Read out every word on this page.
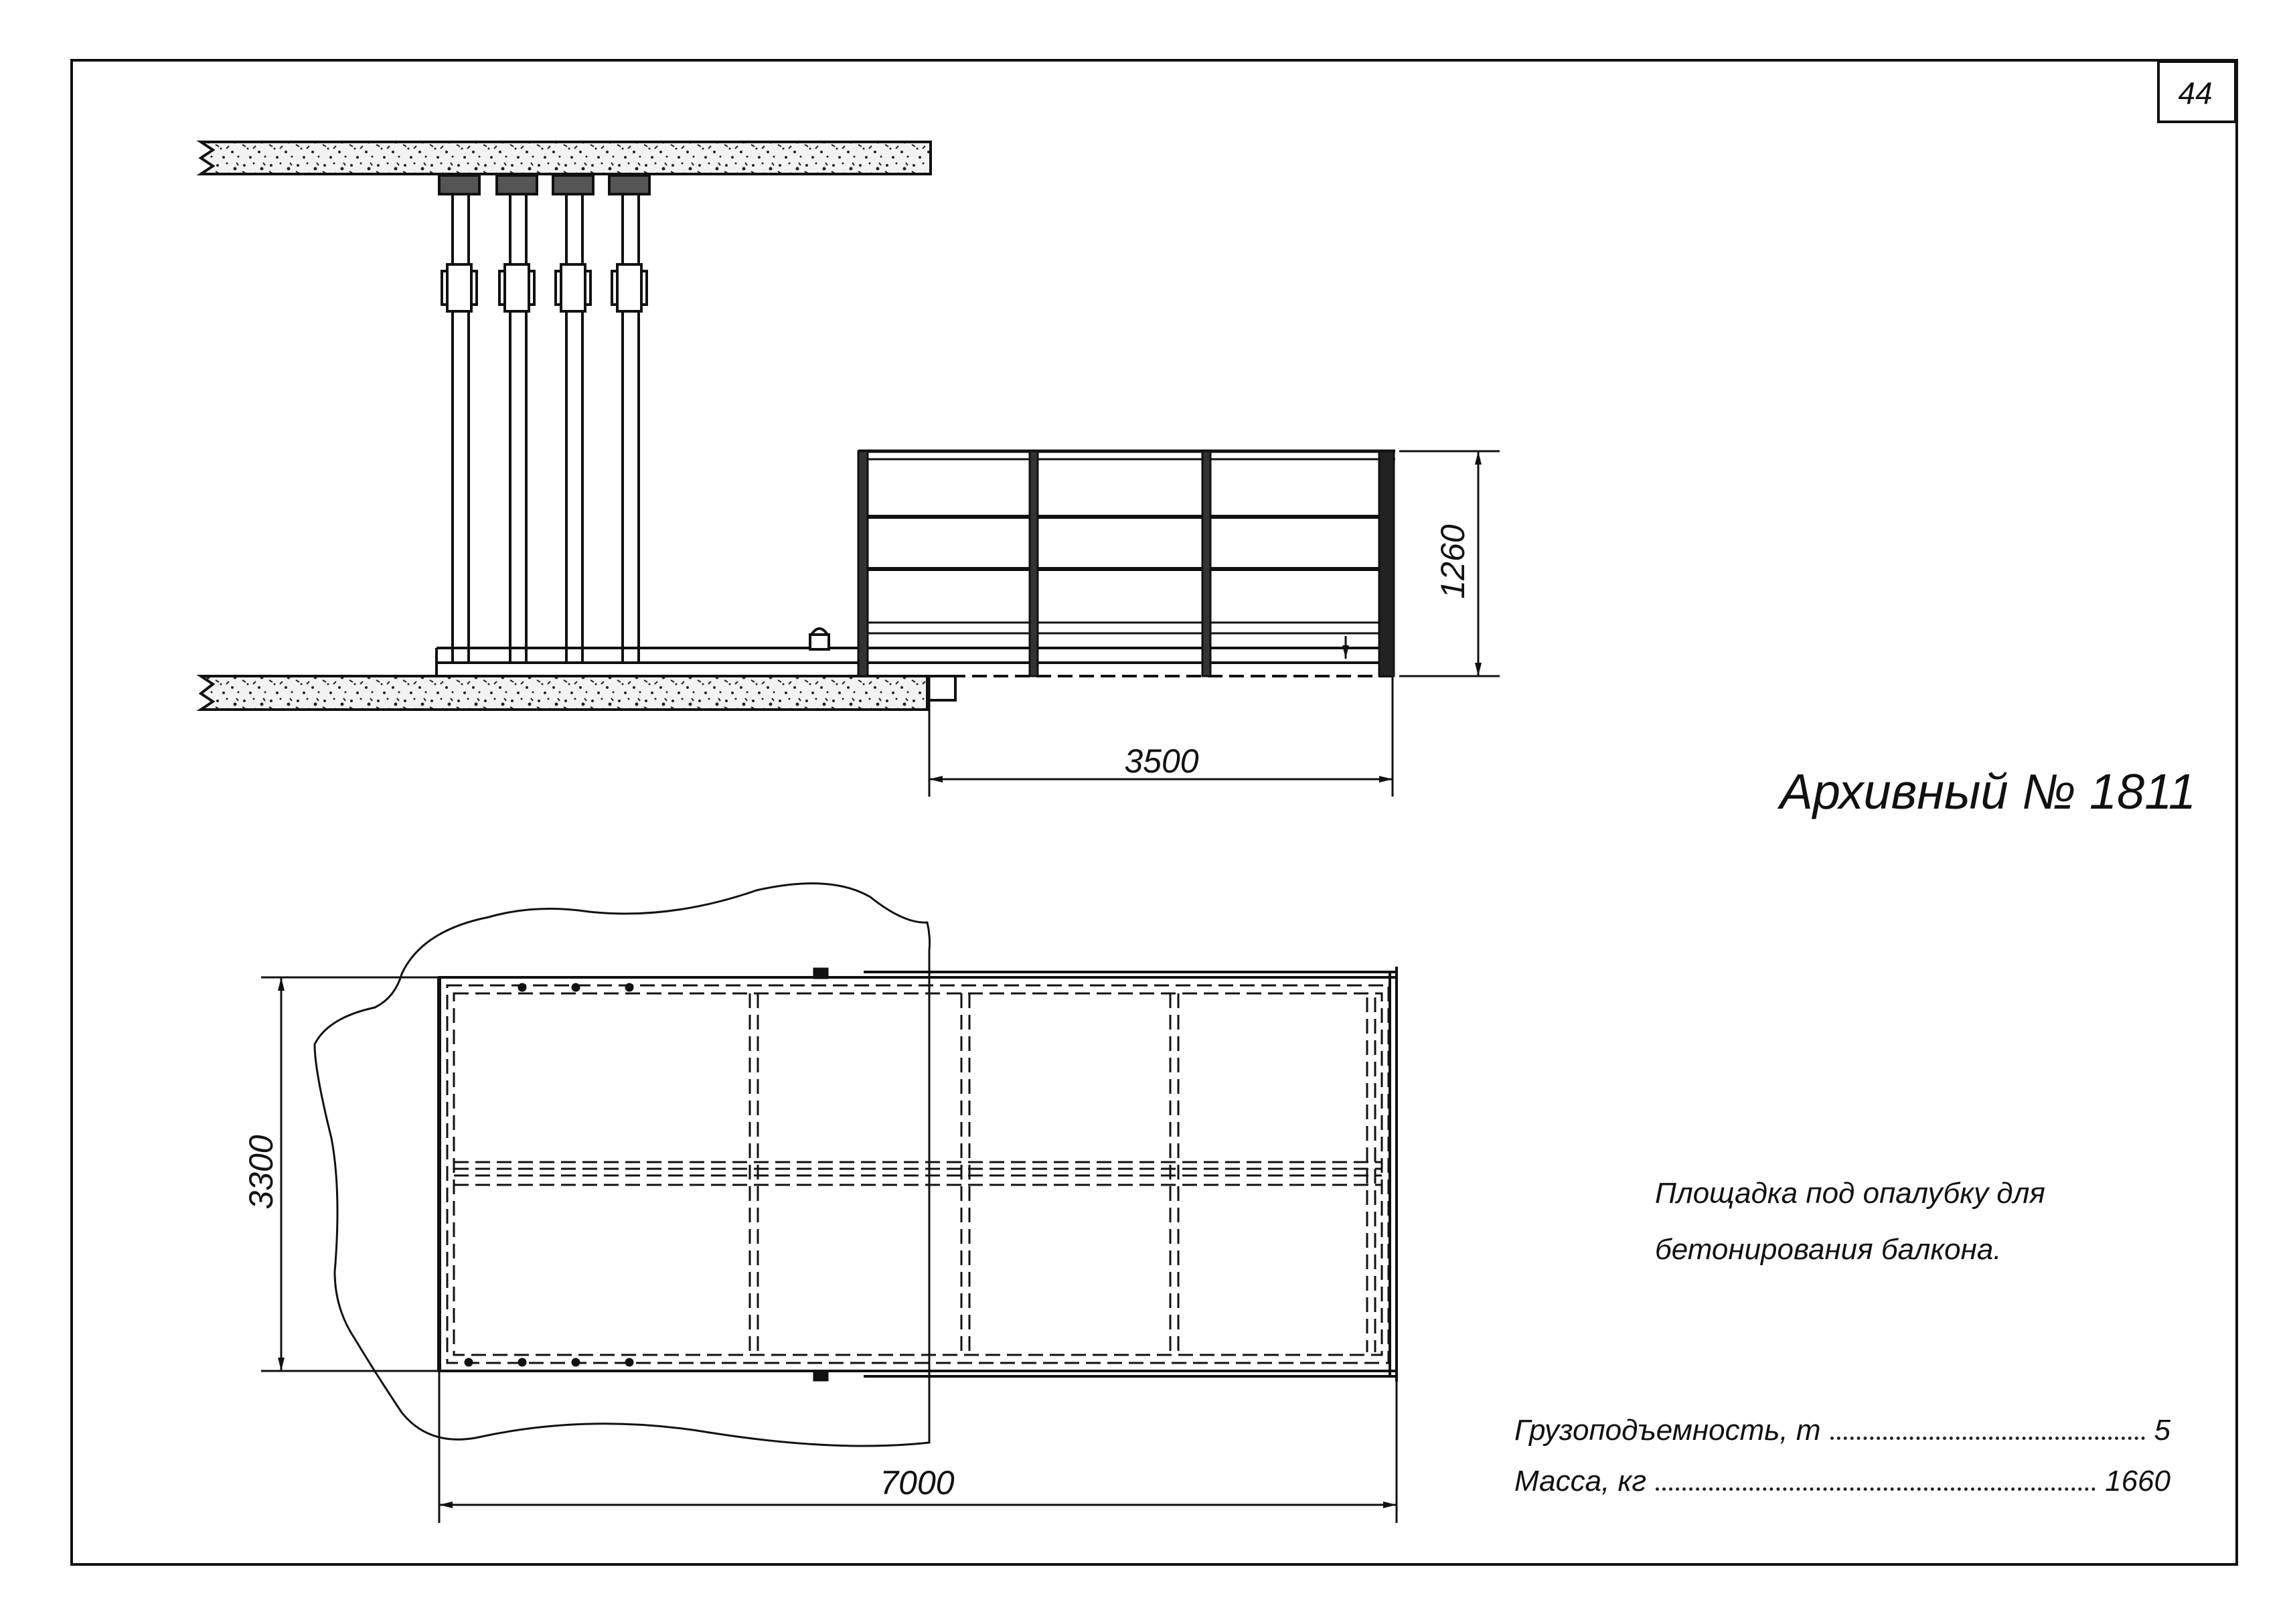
1260
3500
3300
7000
44
Архивный № 1811
Площадка под опалубку для
бетонирования балкона.
Грузоподъемность, т	5
Масса, кг	1660
